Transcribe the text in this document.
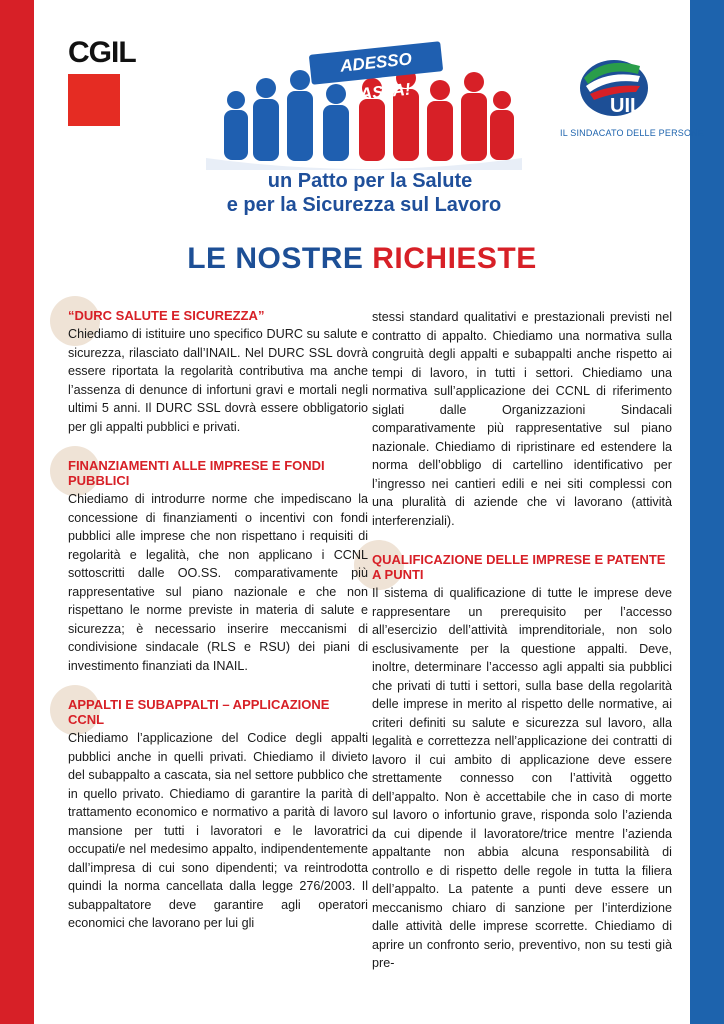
CGIL	ADESSO BASTA!
un Patto per la Salute
e per la Sicurezza sul Lavoro
UIL
IL SINDACATO DELLE PERSONE
LE NOSTRE RICHIESTE
“DURC SALUTE E SICUREZZA”

Chiediamo di istituire uno specifico DURC su salute e sicurezza, rilasciato dall’INAIL. Nel DURC SSL dovrà essere riportata la regolarità contributiva ma anche l’assenza di denunce di infortuni gravi e mortali negli ultimi 5 anni. Il DURC SSL dovrà essere obbligatorio per gli appalti pubblici e privati.

FINANZIAMENTI ALLE IMPRESE E FONDI PUBBLICI

Chiediamo di introdurre norme che impediscano la concessione di finanziamenti o incentivi con fondi pubblici alle imprese che non rispettano i requisiti di regolarità e legalità, che non applicano i CCNL sottoscritti dalle OO.SS. comparativamente più rappresentative sul piano nazionale e che non rispettano le norme previste in materia di salute e sicurezza; è necessario inserire meccanismi di condivisione sindacale (RLS e RSU) dei piani di investimento finanziati da INAIL.

APPALTI E SUBAPPALTI – APPLICAZIONE CCNL

Chiediamo l’applicazione del Codice degli appalti pubblici anche in quelli privati. Chiediamo il divieto del subappalto a cascata, sia nel settore pubblico che in quello privato. Chiediamo di garantire la parità di trattamento economico e normativo a parità di lavoro mansione per tutti i lavoratori e le lavoratrici occupati/e nel medesimo appalto, indipendentemente dall’impresa di cui sono dipendenti; va reintrodotta quindi la norma cancellata dalla legge 276/2003. Il subappaltatore deve garantire agli operatori economici che lavorano per lui gli

stessi standard qualitativi e prestazionali previsti nel contratto di appalto. Chiediamo una normativa sulla congruità degli appalti e subappalti anche rispetto ai tempi di lavoro, in tutti i settori. Chiediamo una normativa sull’applicazione dei CCNL di riferimento siglati dalle Organizzazioni Sindacali comparativamente più rappresentative sul piano nazionale. Chiediamo di ripristinare ed estendere la norma dell’obbligo di cartellino identificativo per l’ingresso nei cantieri edili e nei siti complessi con una pluralità di aziende che vi lavorano (attività interferenziali).

QUALIFICAZIONE DELLE IMPRESE E PATENTE A PUNTI

Il sistema di qualificazione di tutte le imprese deve rappresentare un prerequisito per l’accesso all’esercizio dell’attività imprenditoriale, non solo esclusivamente per la questione appalti. Deve, inoltre, determinare l’accesso agli appalti sia pubblici che privati di tutti i settori, sulla base della regolarità delle imprese in merito al rispetto delle normative, ai criteri definiti su salute e sicurezza sul lavoro, alla legalità e correttezza nell’applicazione dei contratti di lavoro il cui ambito di applicazione deve essere strettamente connesso con l’attività oggetto dell’appalto. Non è accettabile che in caso di morte sul lavoro o infortunio grave, risponda solo l’azienda da cui dipende il lavoratore/trice mentre l’azienda appaltante non abbia alcuna responsabilità di controllo e di rispetto delle regole in tutta la filiera dell’appalto. La patente a punti deve essere un meccanismo chiaro di sanzione per l’interdizione dalle attività delle imprese scorrette. Chiediamo di aprire un confronto serio, preventivo, non su testi già pre-
